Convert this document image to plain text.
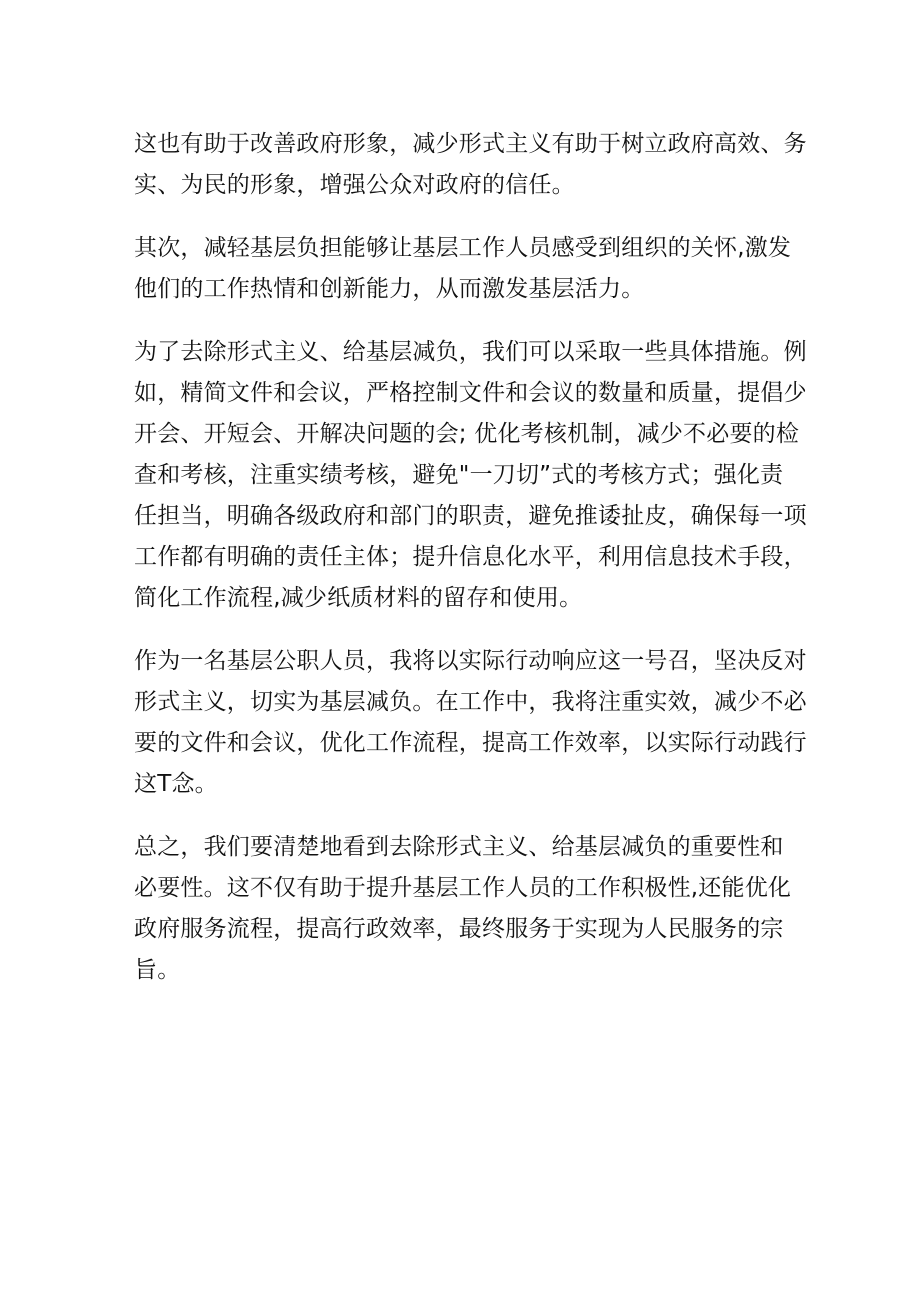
这也有助于改善政府形象，减少形式主义有助于树立政府高效、务
实、为民的形象，增强公众对政府的信任。

其次，减轻基层负担能够让基层工作人员感受到组织的关怀,激发
他们的工作热情和创新能力，从而激发基层活力。

为了去除形式主义、给基层减负，我们可以采取一些具体措施。例
如，精简文件和会议，严格控制文件和会议的数量和质量，提倡少
开会、开短会、开解决问题的会; 优化考核机制，减少不必要的检
查和考核，注重实绩考核，避免"一刀切”式的考核方式；强化责
任担当，明确各级政府和部门的职责，避免推诿扯皮，确保每一项
工作都有明确的责任主体；提升信息化水平，利用信息技术手段，
简化工作流程,减少纸质材料的留存和使用。

作为一名基层公职人员，我将以实际行动响应这一号召，坚决反对
形式主义，切实为基层减负。在工作中，我将注重实效，减少不必
要的文件和会议，优化工作流程，提高工作效率，以实际行动践行
这T念。

总之，我们要清楚地看到去除形式主义、给基层减负的重要性和
必要性。这不仅有助于提升基层工作人员的工作积极性,还能优化
政府服务流程，提高行政效率，最终服务于实现为人民服务的宗
旨。
